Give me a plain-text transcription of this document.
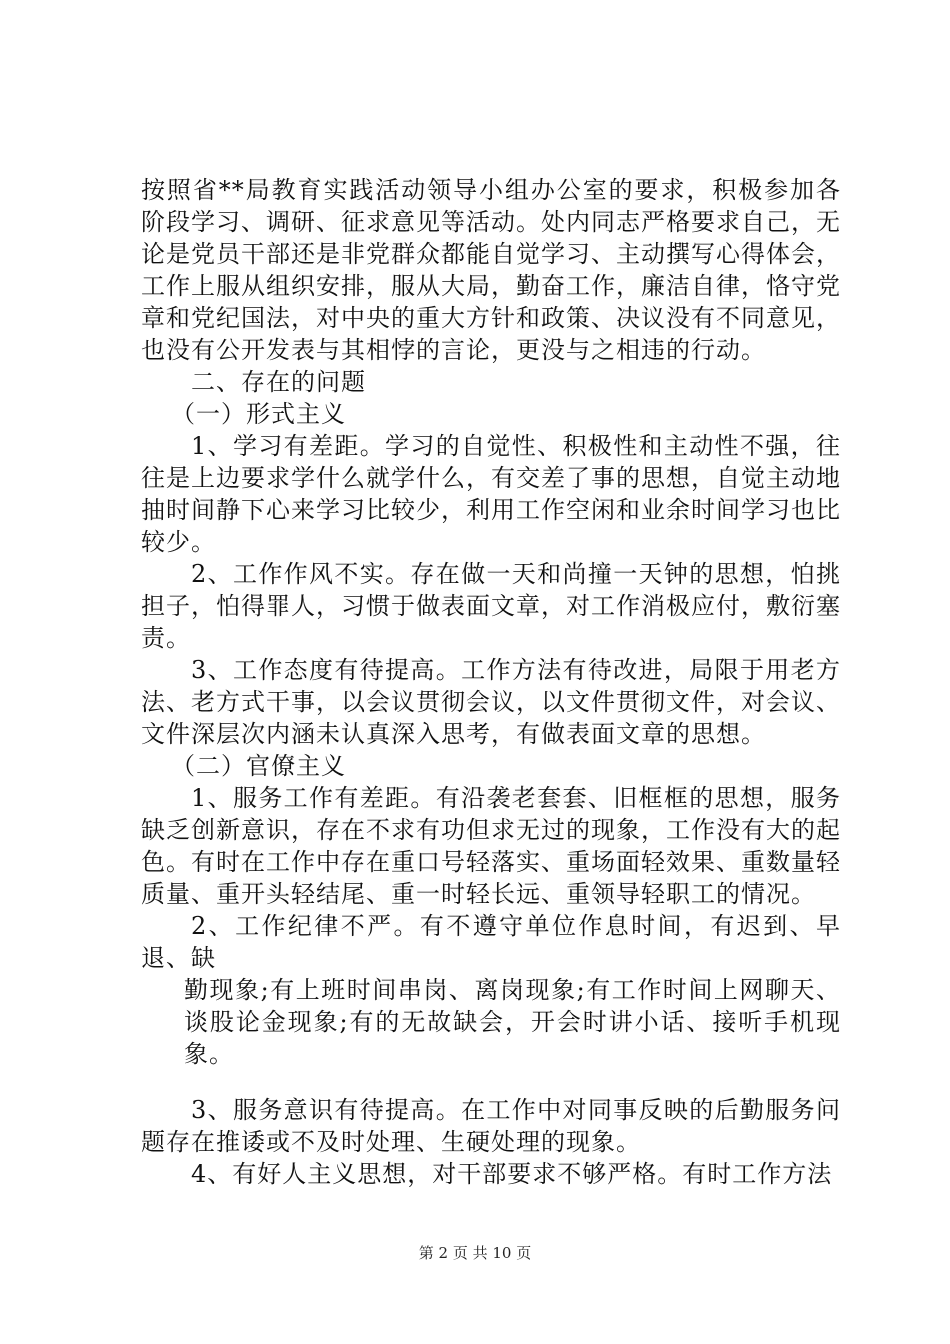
按照省**局教育实践活动领导小组办公室的要求，积极参加各阶段学习、调研、征求意见等活动。处内同志严格要求自己，无论是党员干部还是非党群众都能自觉学习、主动撰写心得体会，工作上服从组织安排，服从大局，勤奋工作，廉洁自律，恪守党章和党纪国法，对中央的重大方针和政策、决议没有不同意见，也没有公开发表与其相悖的言论，更没与之相违的行动。

二、存在的问题

（一）形式主义

1、学习有差距。学习的自觉性、积极性和主动性不强，往往是上边要求学什么就学什么，有交差了事的思想，自觉主动地抽时间静下心来学习比较少，利用工作空闲和业余时间学习也比较少。

2、工作作风不实。存在做一天和尚撞一天钟的思想，怕挑担子，怕得罪人，习惯于做表面文章，对工作消极应付，敷衍塞责。

3、工作态度有待提高。工作方法有待改进，局限于用老方法、老方式干事，以会议贯彻会议，以文件贯彻文件，对会议、文件深层次内涵未认真深入思考，有做表面文章的思想。

（二）官僚主义

1、服务工作有差距。有沿袭老套套、旧框框的思想，服务缺乏创新意识，存在不求有功但求无过的现象，工作没有大的起色。有时在工作中存在重口号轻落实、重场面轻效果、重数量轻质量、重开头轻结尾、重一时轻长远、重领导轻职工的情况。

2、工作纪律不严。有不遵守单位作息时间，有迟到、早退、缺

勤现象;有上班时间串岗、离岗现象;有工作时间上网聊天、谈股论金现象;有的无故缺会，开会时讲小话、接听手机现象。

3、服务意识有待提高。在工作中对同事反映的后勤服务问题存在推诿或不及时处理、生硬处理的现象。

4、有好人主义思想，对干部要求不够严格。有时工作方法

第 2 页 共 10 页
